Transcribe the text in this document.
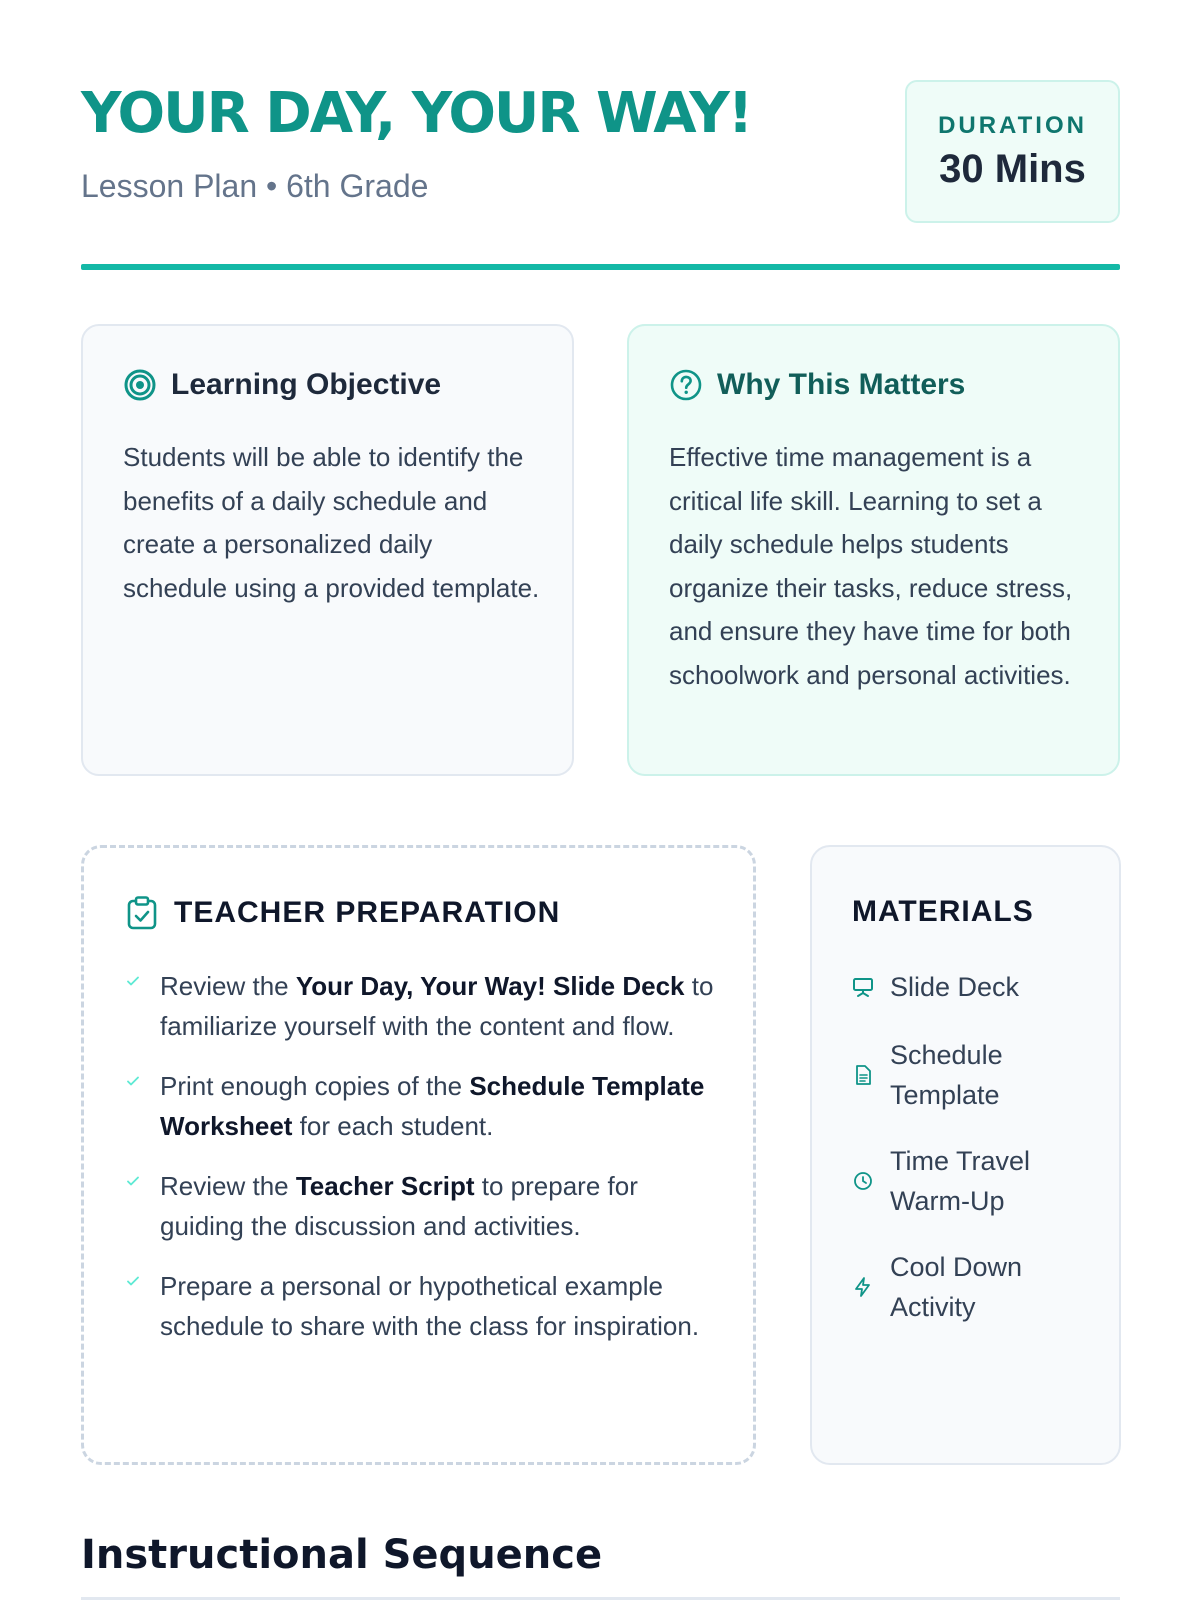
YOUR DAY, YOUR WAY!
Lesson Plan • 6th Grade
DURATION
30 Mins
Learning Objective

Students will be able to identify the benefits of a daily schedule and create a personalized daily schedule using a provided template.

Why This Matters

Effective time management is a critical life skill. Learning to set a daily schedule helps students organize their tasks, reduce stress, and ensure they have time for both schoolwork and personal activities.

TEACHER PREPARATION
Review the Your Day, Your Way! Slide Deck to familiarize yourself with the content and flow.
Print enough copies of the Schedule Template Worksheet for each student.
Review the Teacher Script to prepare for guiding the discussion and activities.
Prepare a personal or hypothetical example schedule to share with the class for inspiration.
MATERIALS
Slide Deck
Schedule Template
Time Travel Warm-Up
Cool Down Activity
Instructional Sequence
